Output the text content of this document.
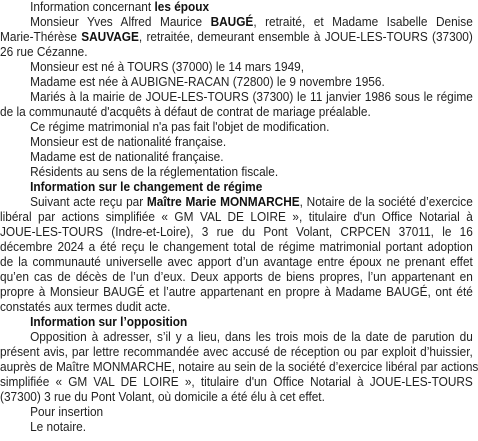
Information concernant les époux
Monsieur Yves Alfred Maurice BAUGÉ, retraité, et Madame Isabelle Denise
Marie-Thérèse SAUVAGE, retraitée, demeurant ensemble à JOUE-LES-TOURS (37300)
26 rue Cézanne.
Monsieur est né à TOURS (37000) le 14 mars 1949,
Madame est née à AUBIGNE-RACAN (72800) le 9 novembre 1956.
Mariés à la mairie de JOUE-LES-TOURS (37300) le 11 janvier 1986 sous le régime
de la communauté d'acquêts à défaut de contrat de mariage préalable.
Ce régime matrimonial n'a pas fait l'objet de modification.
Monsieur est de nationalité française.
Madame est de nationalité française.
Résidents au sens de la réglementation fiscale.
Information sur le changement de régime
Suivant acte reçu par Maître Marie MONMARCHE, Notaire de la société d’exercice
libéral par actions simplifiée « GM VAL DE LOIRE », titulaire d'un Office Notarial à
JOUE-LES-TOURS (Indre-et-Loire), 3 rue du Pont Volant, CRPCEN 37011, le 16
décembre 2024 a été reçu le changement total de régime matrimonial portant adoption
de la communauté universelle avec apport d’un avantage entre époux ne prenant effet
qu’en cas de décès de l’un d’eux. Deux apports de biens propres, l’un appartenant en
propre à Monsieur BAUGÉ et l’autre appartenant en propre à Madame BAUGÉ, ont été
constatés aux termes dudit acte.
Information sur l’opposition
Opposition à adresser, s’il y a lieu, dans les trois mois de la date de parution du
présent avis, par lettre recommandée avec accusé de réception ou par exploit d’huissier,
auprès de Maître MONMARCHE, notaire au sein de la société d’exercice libéral par actions
simplifiée « GM VAL DE LOIRE », titulaire d'un Office Notarial à JOUE-LES-TOURS
(37300) 3 rue du Pont Volant, où domicile a été élu à cet effet.
Pour insertion
Le notaire.
